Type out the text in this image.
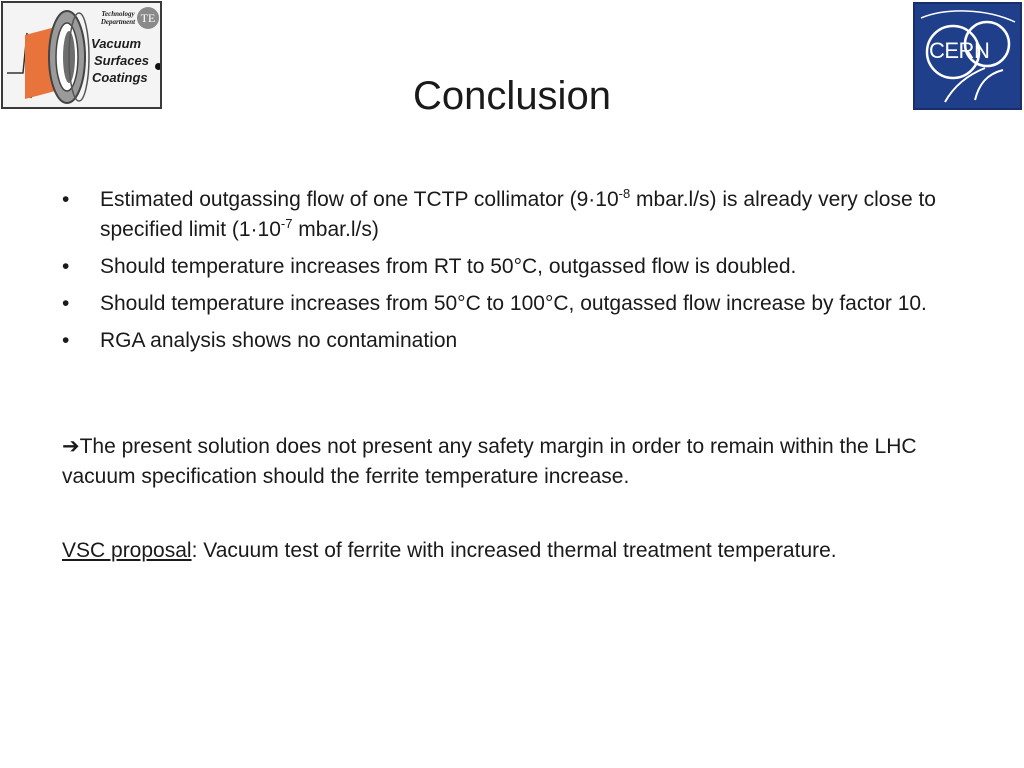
Technology
Department TE
Vacuum
Surfaces
Coatings
CERN
Conclusion
• Estimated outgassing flow of one TCTP collimator ($9\cdot 10^{-8}$ mbar.l/s) is already very close to specified limit ($1\cdot 10^{-7}$ mbar.l/s)
• Should temperature increases from RT to 50°C, outgassed flow is doubled.
• Should temperature increases from 50°C to 100°C, outgassed flow increase by factor 10.
• RGA analysis shows no contamination

➔The present solution does not present any safety margin in order to remain within the LHC vacuum specification should the ferrite temperature increase.

VSC proposal: Vacuum test of ferrite with increased thermal treatment temperature.
